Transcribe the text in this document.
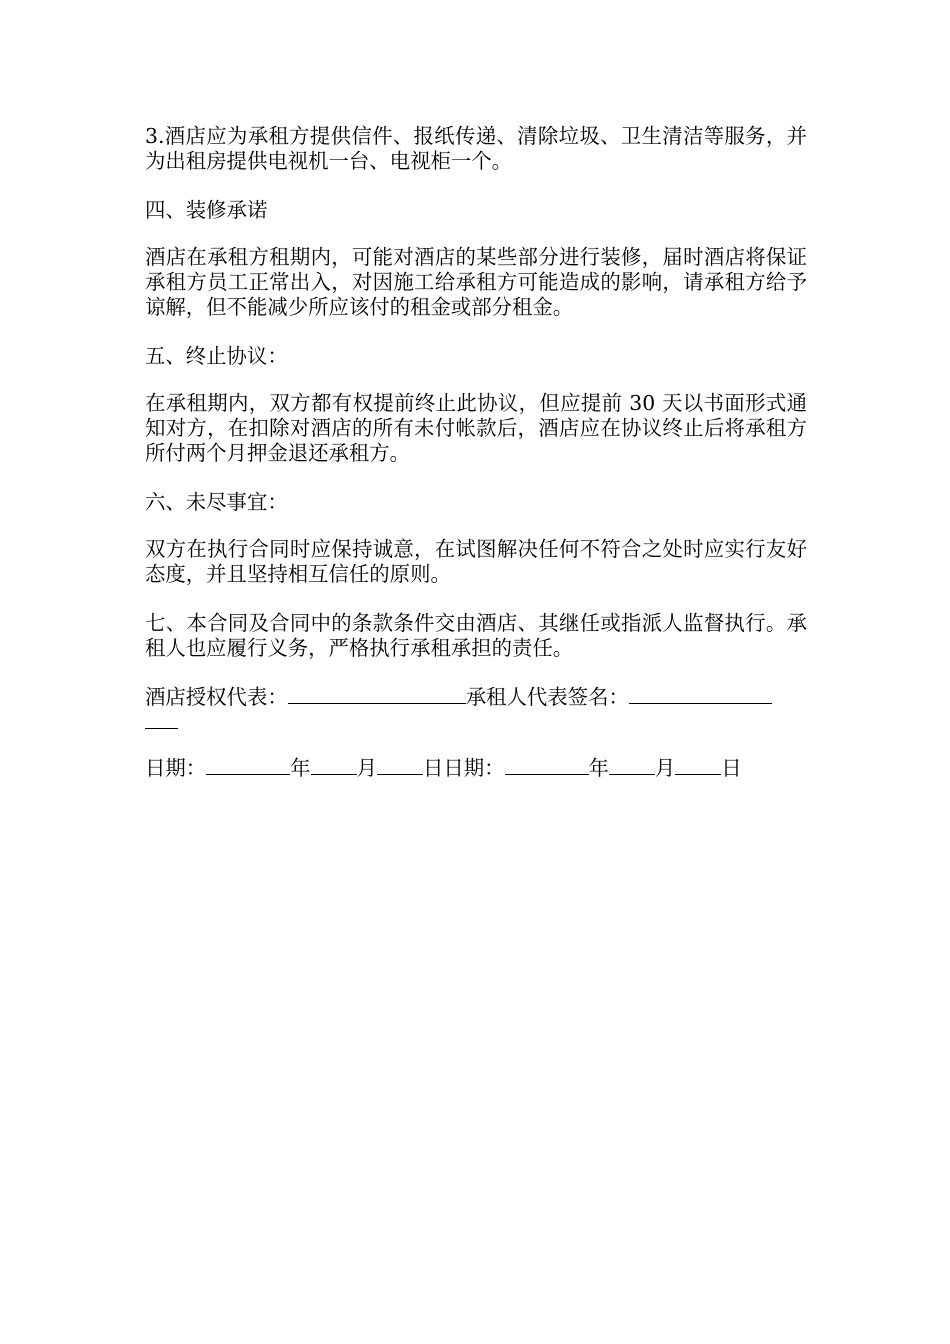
3.酒店应为承租方提供信件、报纸传递、清除垃圾、卫生清洁等服务，并为出租房提供电视机一台、电视柜一个。

四、装修承诺

酒店在承租方租期内，可能对酒店的某些部分进行装修，届时酒店将保证承租方员工正常出入，对因施工给承租方可能造成的影响，请承租方给予谅解，但不能减少所应该付的租金或部分租金。

五、终止协议：

在承租期内，双方都有权提前终止此协议，但应提前 30 天以书面形式通知对方，在扣除对酒店的所有未付帐款后，酒店应在协议终止后将承租方所付两个月押金退还承租方。

六、未尽事宜：

双方在执行合同时应保持诚意，在试图解决任何不符合之处时应实行友好态度，并且坚持相互信任的原则。

七、本合同及合同中的条款条件交由酒店、其继任或指派人监督执行。承租人也应履行义务，严格执行承租承担的责任。

酒店授权代表：	承租人代表签名：
日期：	年 月 日日期：	年 月 日
